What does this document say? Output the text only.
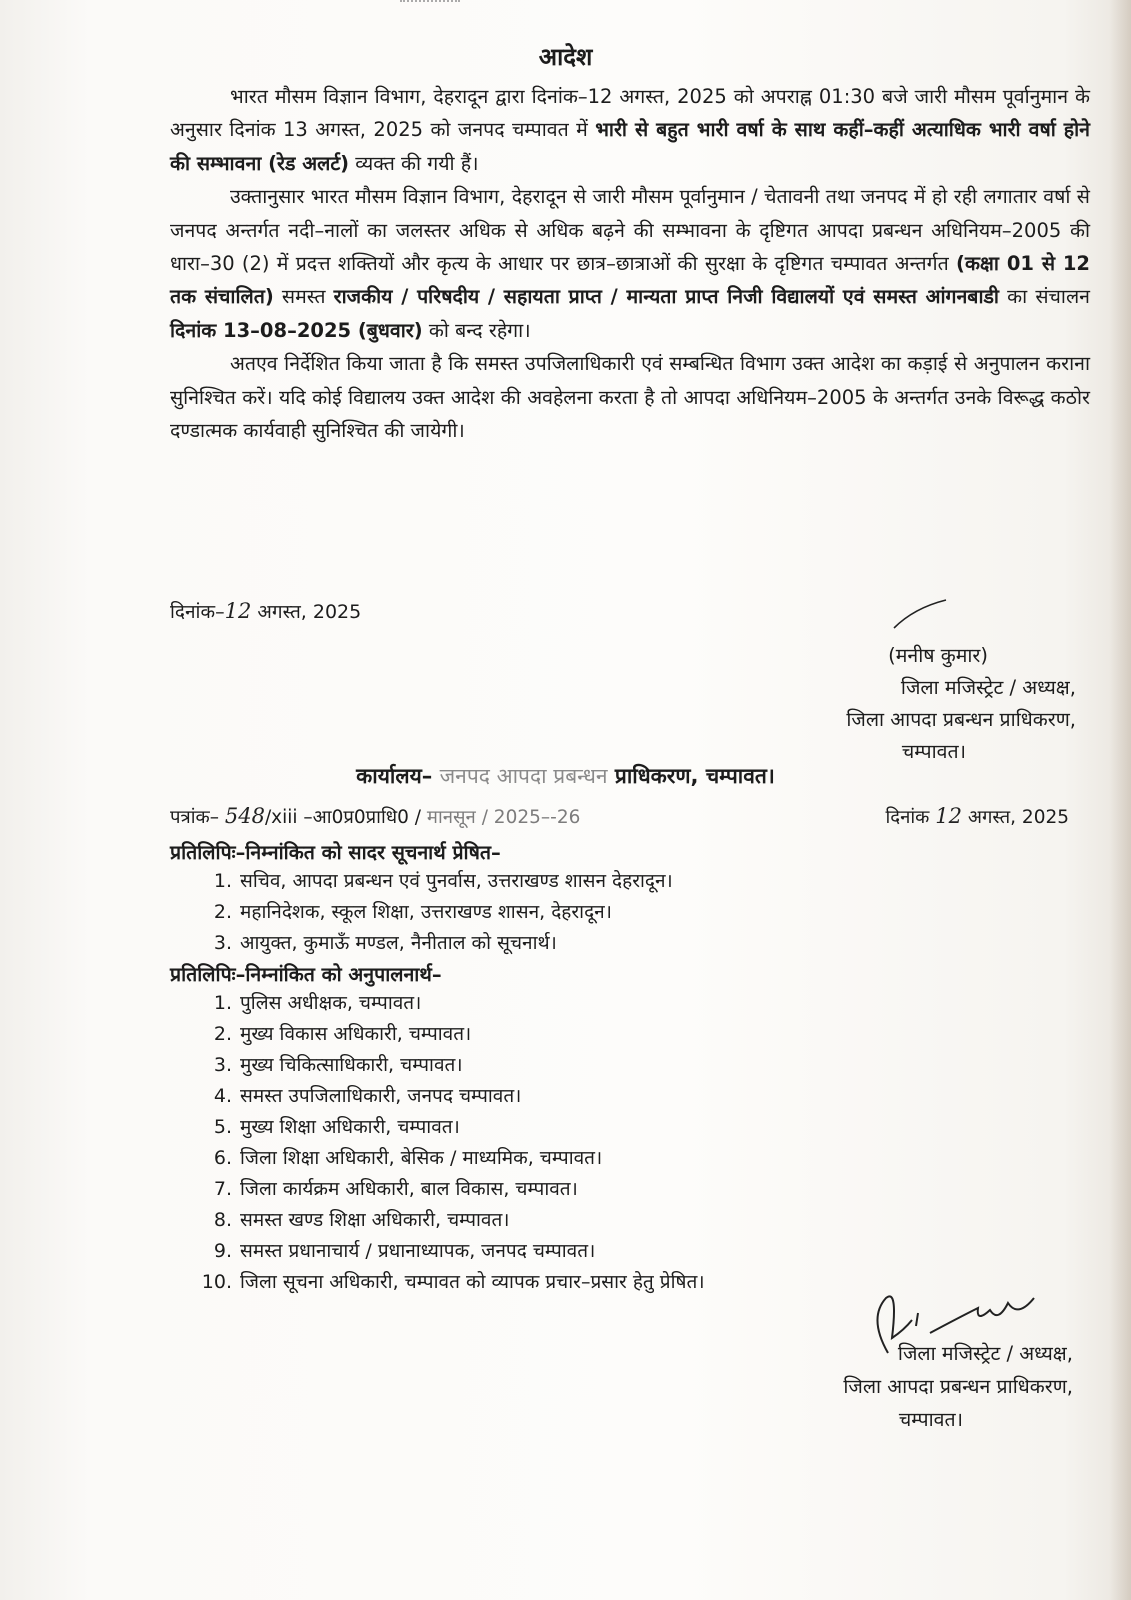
आदेश

भारत मौसम विज्ञान विभाग, देहरादून द्वारा दिनांक–12 अगस्त, 2025 को अपराह्न 01:30 बजे जारी मौसम पूर्वानुमान के अनुसार दिनांक 13 अगस्त, 2025 को जनपद चम्पावत में भारी से बहुत भारी वर्षा के साथ कहीं–कहीं अत्याधिक भारी वर्षा होने की सम्भावना (रेड अलर्ट) व्यक्त की गयी हैं।

उक्तानुसार भारत मौसम विज्ञान विभाग, देहरादून से जारी मौसम पूर्वानुमान / चेतावनी तथा जनपद में हो रही लगातार वर्षा से जनपद अन्तर्गत नदी–नालों का जलस्तर अधिक से अधिक बढ़ने की सम्भावना के दृष्टिगत आपदा प्रबन्धन अधिनियम–2005 की धारा–30 (2) में प्रदत्त शक्तियों और कृत्य के आधार पर छात्र–छात्राओं की सुरक्षा के दृष्टिगत चम्पावत अन्तर्गत (कक्षा 01 से 12 तक संचालित) समस्त राजकीय / परिषदीय / सहायता प्राप्त / मान्यता प्राप्त निजी विद्यालयों एवं समस्त आंगनबाडी का संचालन दिनांक 13–08–2025 (बुधवार) को बन्द रहेगा।

अतएव निर्देशित किया जाता है कि समस्त उपजिलाधिकारी एवं सम्बन्धित विभाग उक्त आदेश का कड़ाई से अनुपालन कराना सुनिश्चित करें। यदि कोई विद्यालय उक्त आदेश की अवहेलना करता है तो आपदा अधिनियम–2005 के अन्तर्गत उनके विरूद्ध कठोर दण्डात्मक कार्यवाही सुनिश्चित की जायेगी।

दिनांक–12 अगस्त, 2025
(मनीष कुमार)
जिला मजिस्ट्रेट / अध्यक्ष,
जिला आपदा प्रबन्धन प्राधिकरण,
चम्पावत।
कार्यालय– जनपद आपदा प्रबन्धन प्राधिकरण, चम्पावत।
पत्रांक– 548/xiii –आ0प्र0प्राधि0 / मानसून / 2025–-26	दिनांक 12 अगस्त, 2025
प्रतिलिपिः–निम्नांकित को सादर सूचनार्थ प्रेषित–
1. सचिव, आपदा प्रबन्धन एवं पुनर्वास, उत्तराखण्ड शासन देहरादून।
2. महानिदेशक, स्कूल शिक्षा, उत्तराखण्ड शासन, देहरादून।
3. आयुक्त, कुमाऊँ मण्डल, नैनीताल को सूचनार्थ।
प्रतिलिपिः–निम्नांकित को अनुपालनार्थ–
1. पुलिस अधीक्षक, चम्पावत।
2. मुख्य विकास अधिकारी, चम्पावत।
3. मुख्य चिकित्साधिकारी, चम्पावत।
4. समस्त उपजिलाधिकारी, जनपद चम्पावत।
5. मुख्य शिक्षा अधिकारी, चम्पावत।
6. जिला शिक्षा अधिकारी, बेसिक / माध्यमिक, चम्पावत।
7. जिला कार्यक्रम अधिकारी, बाल विकास, चम्पावत।
8. समस्त खण्ड शिक्षा अधिकारी, चम्पावत।
9. समस्त प्रधानाचार्य / प्रधानाध्यापक, जनपद चम्पावत।
10. जिला सूचना अधिकारी, चम्पावत को व्यापक प्रचार–प्रसार हेतु प्रेषित।
जिला मजिस्ट्रेट / अध्यक्ष,
जिला आपदा प्रबन्धन प्राधिकरण,
चम्पावत।
